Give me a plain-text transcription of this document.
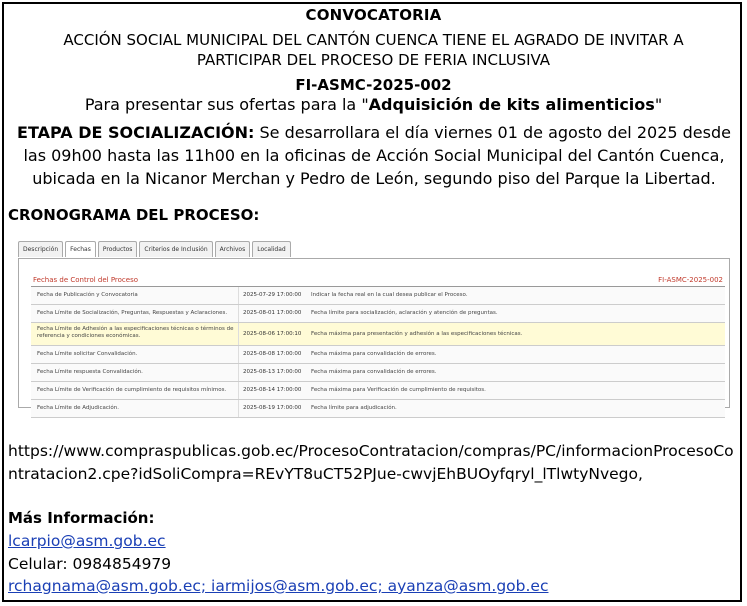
CONVOCATORIA
ACCIÓN SOCIAL MUNICIPAL DEL CANTÓN CUENCA TIENE EL AGRADO DE INVITAR A
PARTICIPAR DEL PROCESO DE FERIA INCLUSIVA
FI-ASMC-2025-002
Para presentar sus ofertas para la "Adquisición de kits alimenticios"
ETAPA DE SOCIALIZACIÓN: Se desarrollara el día viernes 01 de agosto del 2025 desde las 09h00 hasta las 11h00 en la oficinas de Acción Social Municipal del Cantón Cuenca, ubicada en la Nicanor Merchan y Pedro de León, segundo piso del Parque la Libertad.
CRONOGRAMA DEL PROCESO:
Descripción	Fechas	Productos	Criterios de Inclusión	Archivos	Localidad
Fechas de Control del Proceso	FI-ASMC-2025-002
Fecha de Publicación y Convocatoria	2025-07-29 17:00:00	Indicar la fecha real en la cual desea publicar el Proceso.
Fecha Límite de Socialización, Preguntas, Respuestas y Aclaraciones.	2025-08-01 17:00:00	Fecha límite para socialización, aclaración y atención de preguntas.
Fecha Límite de Adhesión a las especificaciones técnicas o términos de referencia y condiciones económicas.	2025-08-06 17:00:10	Fecha máxima para presentación y adhesión a las especificaciones técnicas.
Fecha Límite solicitar Convalidación.	2025-08-08 17:00:00	Fecha máxima para convalidación de errores.
Fecha Límite respuesta Convalidación.	2025-08-13 17:00:00	Fecha máxima para convalidación de errores.
Fecha Límite de Verificación de cumplimiento de requisitos mínimos.	2025-08-14 17:00:00	Fecha máxima para Verificación de cumplimiento de requisitos.
Fecha Límite de Adjudicación.	2025-08-19 17:00:00	Fecha límite para adjudicación.
https://www.compraspublicas.gob.ec/ProcesoContratacion/compras/PC/informacionProcesoContratacion2.cpe?idSoliCompra=REvYT8uCT52PJue-cwvjEhBUOyfqryl_lTlwtyNvego,
Más Información:
lcarpio@asm.gob.ec
Celular: 0984854979
rchagnama@asm.gob.ec; iarmijos@asm.gob.ec; ayanza@asm.gob.ec
